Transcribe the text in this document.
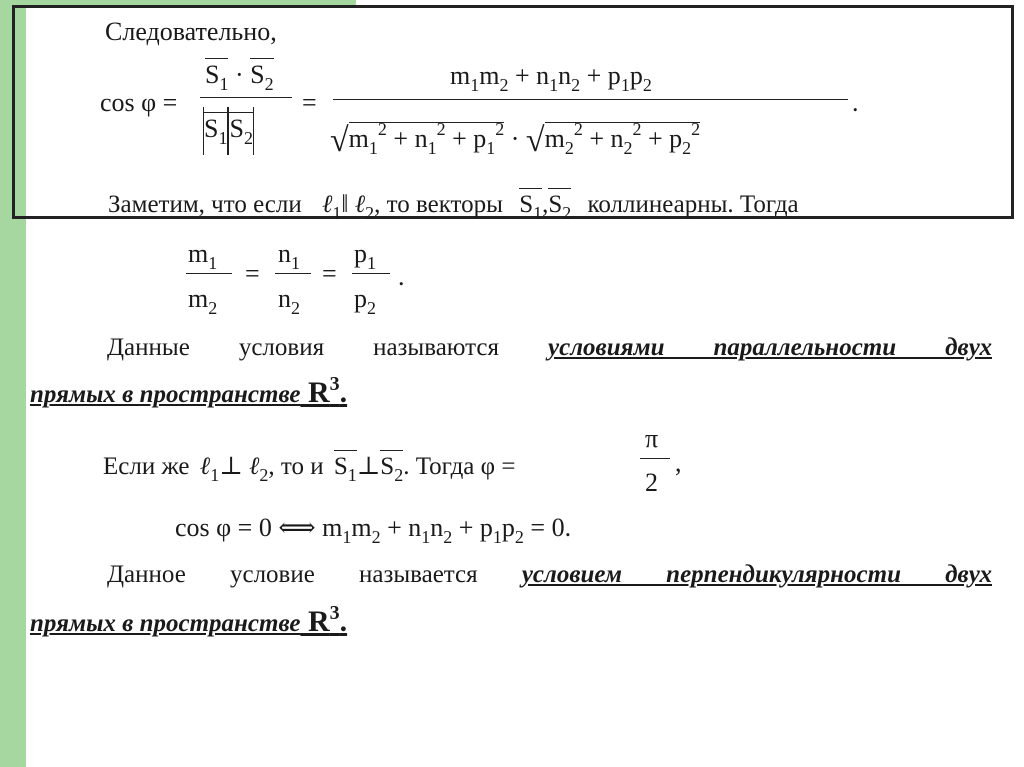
Следовательно,
cos φ =
$S_1 \cdot S_2$
$S_1S_2$
=
$m_1m_2 + n_1n_2 + p_1p_2$
$√m_1^2 + n_1^2 + p_1^2 \cdot √m_2^2 + n_2^2 + p_2^2$
.
Заметим, что если ℓ$_1$‖ ℓ$_2$, то векторы $S_1,S_2$ коллинеарны. Тогда
$m_1$
$m_2$
=
$n_1$
$n_2$
=
$p_1$
$p_2$
.
Данные условия называются условиями параллельности двух
прямых в пространстве $R^3$.
Если же ℓ$_1$⊥ ℓ$_2$, то и $S_1\perp S_2$. Тогда φ =
π
2
,
cos φ = 0 ⟺ $m_1m_2 + n_1n_2 + p_1p_2 = 0$.
Данное условие называется условием перпендикулярности двух
прямых в пространстве $R^3$.
